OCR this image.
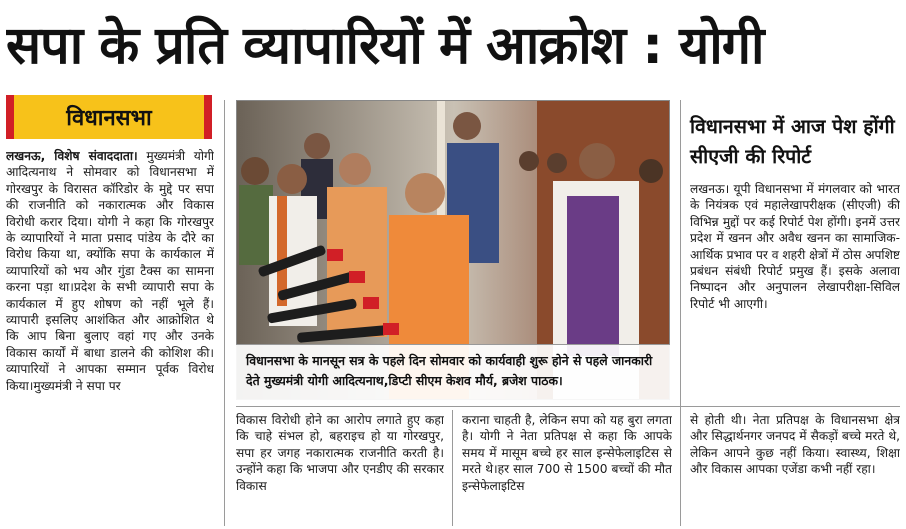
सपा के प्रति व्यापारियों में आक्रोश : योगी
विधानसभा
लखनऊ, विशेष संवाददाता। मुख्यमंत्री योगी आदित्यनाथ ने सोमवार को विधानसभा में गोरखपुर के विरासत कॉरिडोर के मुद्दे पर सपा की राजनीति को नकारात्मक और विकास विरोधी करार दिया। योगी ने कहा कि गोरखपुर के व्यापारियों ने माता प्रसाद पांडेय के दौरे का विरोध किया था, क्योंकि सपा के कार्यकाल में व्यापारियों को भय और गुंडा टैक्स का सामना करना पड़ा था।प्रदेश के सभी व्यापारी सपा के कार्यकाल में हुए शोषण को नहीं भूले हैं। व्यापारी इसलिए आशंकित और आक्रोशित थे कि आप बिना बुलाए वहां गए और उनके विकास कार्यों में बाधा डालने की कोशिश की। व्यापारियों ने आपका सम्मान पूर्वक विरोध किया।मुख्यमंत्री ने सपा पर
विधानसभा के मानसून सत्र के पहले दिन सोमवार को कार्यवाही शुरू होने से पहले जानकारी देते मुख्यमंत्री योगी आदित्यनाथ,डिप्टी सीएम केशव मौर्य, ब्रजेश पाठक।
विधानसभा में आज पेश होंगी सीएजी की रिपोर्ट
लखनऊ। यूपी विधानसभा में मंगलवार को भारत के नियंत्रक एवं महालेखापरीक्षक (सीएजी) की विभिन्न मुद्दों पर कई रिपोर्ट पेश होंगी। इनमें उत्तर प्रदेश में खनन और अवैध खनन का सामाजिक-आर्थिक प्रभाव पर व शहरी क्षेत्रों में ठोस अपशिष्ट प्रबंधन संबंधी रिपोर्ट प्रमुख हैं। इसके अलावा निष्पादन और अनुपालन लेखापरीक्षा-सिविल रिपोर्ट भी आएगी।
विकास विरोधी होने का आरोप लगाते हुए कहा कि चाहे संभल हो, बहराइच हो या गोरखपुर, सपा हर जगह नकारात्मक राजनीति करती है। उन्होंने कहा कि भाजपा और एनडीए की सरकार विकास
कराना चाहती है, लेकिन सपा को यह बुरा लगता है। योगी ने नेता प्रतिपक्ष से कहा कि आपके समय में मासूम बच्चे हर साल इन्सेफेलाइटिस से मरते थे।हर साल 700 से 1500 बच्चों की मौत इन्सेफेलाइटिस
से होती थी। नेता प्रतिपक्ष के विधानसभा क्षेत्र और सिद्धार्थनगर जनपद में सैकड़ों बच्चे मरते थे, लेकिन आपने कुछ नहीं किया। स्वास्थ्य, शिक्षा और विकास आपका एजेंडा कभी नहीं रहा।
